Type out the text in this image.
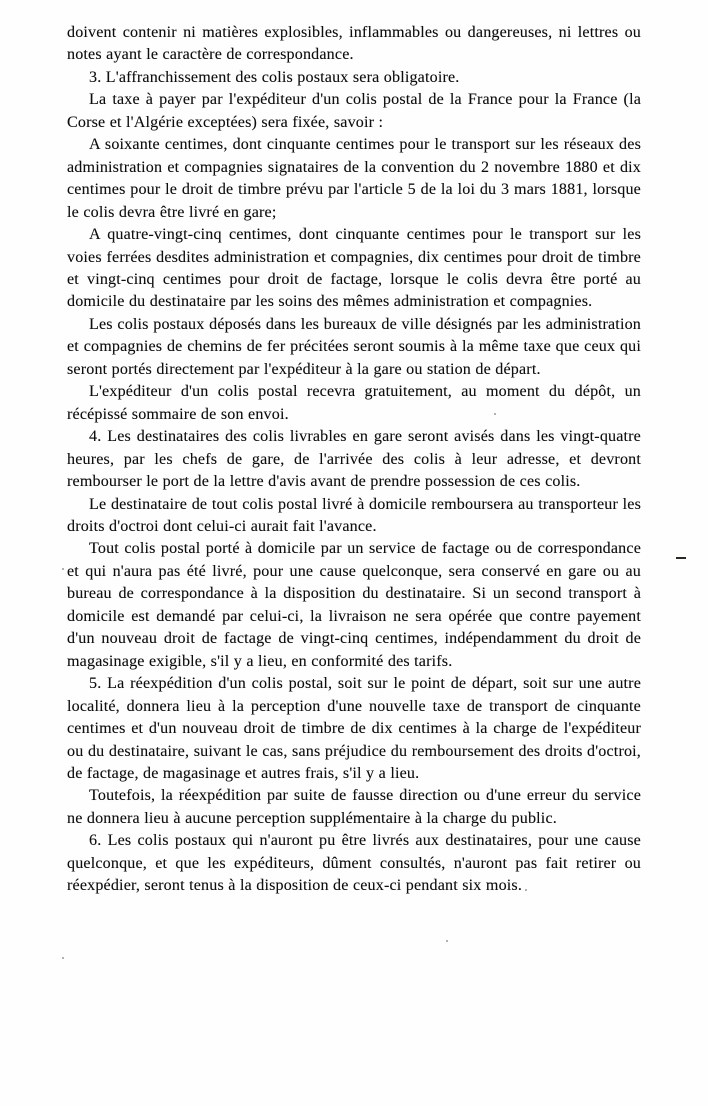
doivent contenir ni matières explosibles, inflammables ou dangereuses, ni lettres ou notes ayant le caractère de correspondance.

3. L'affranchissement des colis postaux sera obligatoire.

La taxe à payer par l'expéditeur d'un colis postal de la France pour la France (la Corse et l'Algérie exceptées) sera fixée, savoir :

A soixante centimes, dont cinquante centimes pour le transport sur les réseaux des administration et compagnies signataires de la convention du 2 novembre 1880 et dix centimes pour le droit de timbre prévu par l'article 5 de la loi du 3 mars 1881, lorsque le colis devra être livré en gare;

A quatre-vingt-cinq centimes, dont cinquante centimes pour le transport sur les voies ferrées desdites administration et compagnies, dix centimes pour droit de timbre et vingt-cinq centimes pour droit de factage, lorsque le colis devra être porté au domicile du destinataire par les soins des mêmes administration et compagnies.

Les colis postaux déposés dans les bureaux de ville désignés par les administration et compagnies de chemins de fer précitées seront soumis à la même taxe que ceux qui seront portés directement par l'expéditeur à la gare ou station de départ.

L'expéditeur d'un colis postal recevra gratuitement, au moment du dépôt, un récépissé sommaire de son envoi.

4. Les destinataires des colis livrables en gare seront avisés dans les vingt-quatre heures, par les chefs de gare, de l'arrivée des colis à leur adresse, et devront rembourser le port de la lettre d'avis avant de prendre possession de ces colis.

Le destinataire de tout colis postal livré à domicile remboursera au transporteur les droits d'octroi dont celui-ci aurait fait l'avance.

Tout colis postal porté à domicile par un service de factage ou de correspondance et qui n'aura pas été livré, pour une cause quelconque, sera conservé en gare ou au bureau de correspondance à la disposition du destinataire. Si un second transport à domicile est demandé par celui-ci, la livraison ne sera opérée que contre payement d'un nouveau droit de factage de vingt-cinq centimes, indépendamment du droit de magasinage exigible, s'il y a lieu, en conformité des tarifs.

5. La réexpédition d'un colis postal, soit sur le point de départ, soit sur une autre localité, donnera lieu à la perception d'une nouvelle taxe de transport de cinquante centimes et d'un nouveau droit de timbre de dix centimes à la charge de l'expéditeur ou du destinataire, suivant le cas, sans préjudice du remboursement des droits d'octroi, de factage, de magasinage et autres frais, s'il y a lieu.

Toutefois, la réexpédition par suite de fausse direction ou d'une erreur du service ne donnera lieu à aucune perception supplémentaire à la charge du public.

6. Les colis postaux qui n'auront pu être livrés aux destinataires, pour une cause quelconque, et que les expéditeurs, dûment consultés, n'auront pas fait retirer ou réexpédier, seront tenus à la disposition de ceux-ci pendant six mois.
